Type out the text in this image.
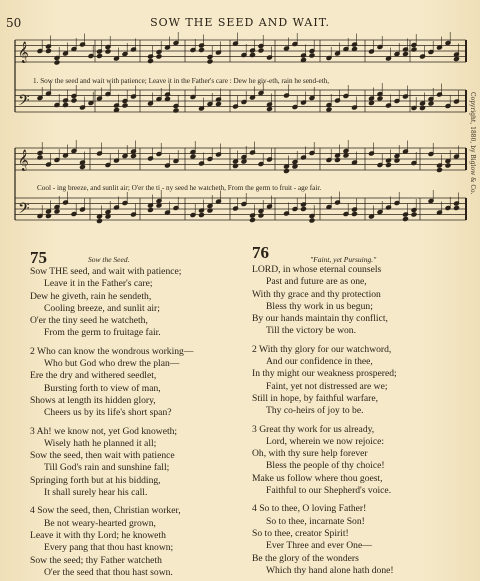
50	SOW THE SEED AND WAIT.
Copyright, 1880, by Biglow & Co.
𝄞
𝄢
𝄞
𝄢
1. Sow the seed and wait with patience; Leave it in the Father's care : Dew he giv-eth, rain he send-eth,
Cool - ing breeze, and sunlit air; O'er the ti - ny seed he watcheth, From the germ to fruit - age fair.
75	Sow the Seed.
Sow THE seed, and wait with patience;
Leave it in the Father's care;
Dew he giveth, rain he sendeth,
Cooling breeze, and sunlit air;
O'er the tiny seed he watcheth,
From the germ to fruitage fair.
2 Who can know the wondrous working—
Who but God who drew the plan—
Ere the dry and withered seedlet,
Bursting forth to view of man,
Shows at length its hidden glory,
Cheers us by its life's short span?
3 Ah! we know not, yet God knoweth;
Wisely hath he planned it all;
Sow the seed, then wait with patience
Till God's rain and sunshine fall;
Springing forth but at his bidding,
It shall surely hear his call.
4 Sow the seed, then, Christian worker,
Be not weary-hearted grown,
Leave it with thy Lord; he knoweth
Every pang that thou hast known;
Sow the seed; thy Father watcheth
O'er the seed that thou hast sown.
76	"Faint, yet Pursuing."
LORD, in whose eternal counsels
Past and future are as one,
With thy grace and thy protection
Bless thy work in us begun;
By our hands maintain thy conflict,
Till the victory be won.
2 With thy glory for our watchword,
And our confidence in thee,
In thy might our weakness prospered;
Faint, yet not distressed are we;
Still in hope, by faithful warfare,
Thy co-heirs of joy to be.
3 Great thy work for us already,
Lord, wherein we now rejoice:
Oh, with thy sure help forever
Bless the people of thy choice!
Make us follow where thou goest,
Faithful to our Shepherd's voice.
4 So to thee, O loving Father!
So to thee, incarnate Son!
So to thee, creator Spirit!
Ever Three and ever One—
Be the glory of the wonders
Which thy hand alone hath done!
